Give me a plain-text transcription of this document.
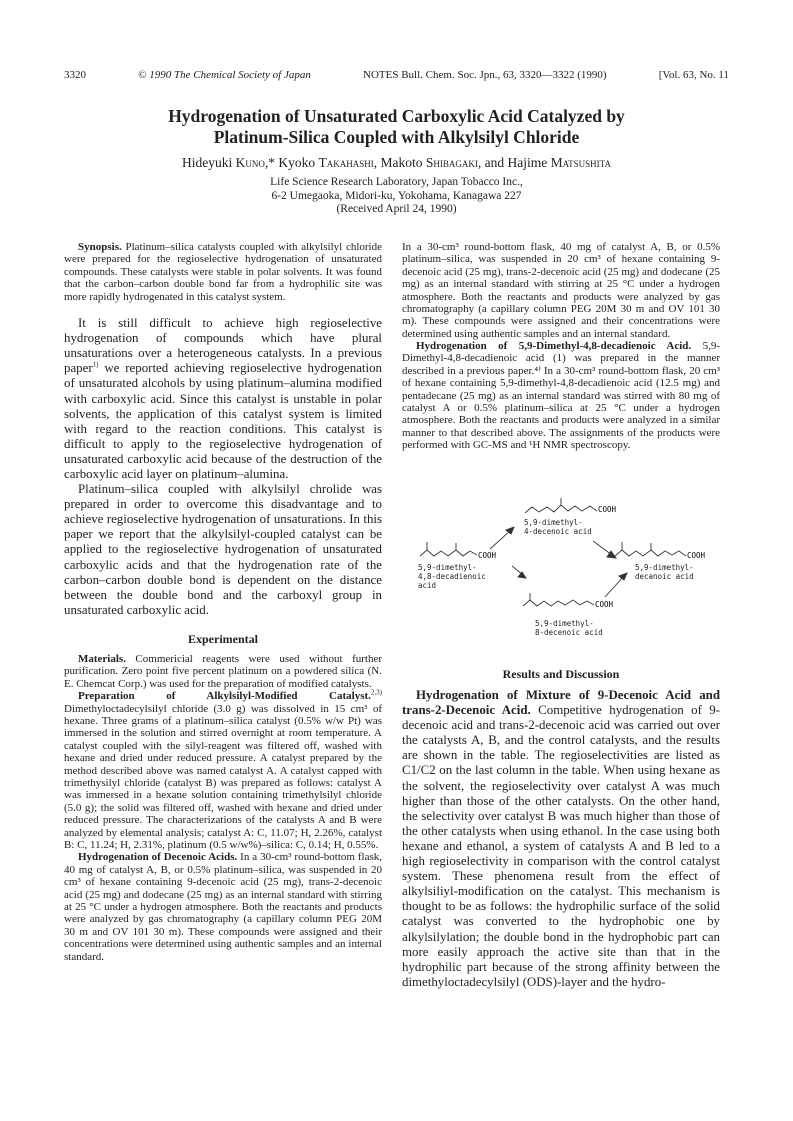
3320	© 1990 The Chemical Society of Japan	NOTES Bull. Chem. Soc. Jpn., 63, 3320—3322 (1990)	[Vol. 63, No. 11
Hydrogenation of Unsaturated Carboxylic Acid Catalyzed by
Platinum-Silica Coupled with Alkylsilyl Chloride
Hideyuki Kuno,* Kyoko Takahashi, Makoto Shibagaki, and Hajime Matsushita
Life Science Research Laboratory, Japan Tobacco Inc.,
6-2 Umegaoka, Midori-ku, Yokohama, Kanagawa 227
(Received April 24, 1990)

Synopsis. Platinum–silica catalysts coupled with alkylsilyl chloride were prepared for the regioselective hydrogenation of unsaturated compounds. These catalysts were stable in polar solvents. It was found that the carbon–carbon double bond far from a hydrophilic site was more rapidly hydrogenated in this catalyst system.

It is still difficult to achieve high regioselective hydrogenation of compounds which have plural unsaturations over a heterogeneous catalysts. In a previous paper$^{1)}$ we reported achieving regioselective hydrogenation of unsaturated alcohols by using platinum–alumina modified with carboxylic acid. Since this catalyst is unstable in polar solvents, the application of this catalyst system is limited with regard to the reaction conditions. This catalyst is difficult to apply to the regioselective hydrogenation of unsaturated carboxylic acid because of the destruction of the carboxylic acid layer on platinum–alumina.

Platinum–silica coupled with alkylsilyl chrolide was prepared in order to overcome this disadvantage and to achieve regioselective hydrogenation of unsaturations. In this paper we report that the alkylsilyl-coupled catalyst can be applied to the regioselective hydrogenation of unsaturated carboxylic acids and that the hydrogenation rate of the carbon–carbon double bond is dependent on the distance between the double bond and the carboxyl group in unsaturated carboxylic acid.

Experimental

Materials. Commericial reagents were used without further purification. Zero point five percent platinum on a powdered silica (N. E. Chemcat Corp.) was used for the preparation of modified catalysts.

Preparation of Alkylsilyl-Modified Catalyst.$^{2,3)}$ Dimethyloctadecylsilyl chloride (3.0 g) was dissolved in 15 cm³ of hexane. Three grams of a platinum–silica catalyst (0.5% w/w Pt) was immersed in the solution and stirred overnight at room temperature. A catalyst coupled with the silyl-reagent was filtered off, washed with hexane and dried under reduced pressure. A catalyst prepared by the method described above was named catalyst A. A catalyst capped with trimethysilyl chloride (catalyst B) was prepared as follows: catalyst A was immersed in a hexane solution containing trimethylsilyl chloride (5.0 g); the solid was filtered off, washed with hexane and dried under reduced pressure. The characterizations of the catalysts A and B were analyzed by elemental analysis; catalyst A: C, 11.07; H, 2.26%, catalyst B: C, 11.24; H, 2.31%, platinum (0.5 w/w%)–silica: C, 0.14; H, 0.55%.

Hydrogenation of Decenoic Acids. In a 30-cm³ round-bottom flask, 40 mg of catalyst A, B, or 0.5% platinum–silica, was suspended in 20 cm³ of hexane containing 9-decenoic acid (25 mg), trans-2-decenoic acid (25 mg) and dodecane (25 mg) as an internal standard with stirring at 25 °C under a hydrogen atmosphere. Both the reactants and products were analyzed by gas chromatography (a capillary column PEG 20M 30 m and OV 101 30 m). These compounds were assigned and their concentrations were determined using authentic samples and an internal standard.

In a 30-cm³ round-bottom flask, 40 mg of catalyst A, B, or 0.5% platinum–silica, was suspended in 20 cm³ of hexane containing 9-decenoic acid (25 mg), trans-2-decenoic acid (25 mg) and dodecane (25 mg) as an internal standard with stirring at 25 °C under a hydrogen atmosphere. Both the reactants and products were analyzed by gas chromatography (a capillary column PEG 20M 30 m and OV 101 30 m). These compounds were assigned and their concentrations were determined using authentic samples and an internal standard.

Hydrogenation of 5,9-Dimethyl-4,8-decadienoic Acid. 5,9-Dimethyl-4,8-decadienoic acid (1) was prepared in the manner described in a previous paper.⁴⁾ In a 30-cm³ round-bottom flask, 20 cm³ of hexane containing 5,9-dimethyl-4,8-decadienoic acid (12.5 mg) and pentadecane (25 mg) as an internal standard was stirred with 80 mg of catalyst A or 0.5% platinum–silica at 25 °C under a hydrogen atmosphere. Both the reactants and products were analyzed in a similar manner to that described above. The assignments of the products were performed with GC-MS and ¹H NMR spectroscopy.

COOH
COOH	COOH
COOH
5,9-dimethyl-
4-decenoic acid
5,9-dimethyl-
4,8-decadienoic
acid
5,9-dimethyl-
decanoic acid
5,9-dimethyl-
8-decenoic acid

Results and Discussion

Hydrogenation of Mixture of 9-Decenoic Acid and trans-2-Decenoic Acid. Competitive hydrogenation of 9-decenoic acid and trans-2-decenoic acid was carried out over the catalysts A, B, and the control catalysts, and the results are shown in the table. The regioselectivities are listed as C1/C2 on the last column in the table. When using hexane as the solvent, the regioselectivity over catalyst A was much higher than those of the other catalysts. On the other hand, the selectivity over catalyst B was much higher than those of the other catalysts when using ethanol. In the case using both hexane and ethanol, a system of catalysts A and B led to a high regioselectivity in comparison with the control catalyst system. These phenomena result from the effect of alkylsiliyl-modification on the catalyst. This mechanism is thought to be as follows: the hydrophilic surface of the solid catalyst was converted to the hydrophobic one by alkylsilylation; the double bond in the hydrophobic part can more easily approach the active site than that in the hydrophilic part because of the strong affinity between the dimethyloctadecylsilyl (ODS)-layer and the hydro-
